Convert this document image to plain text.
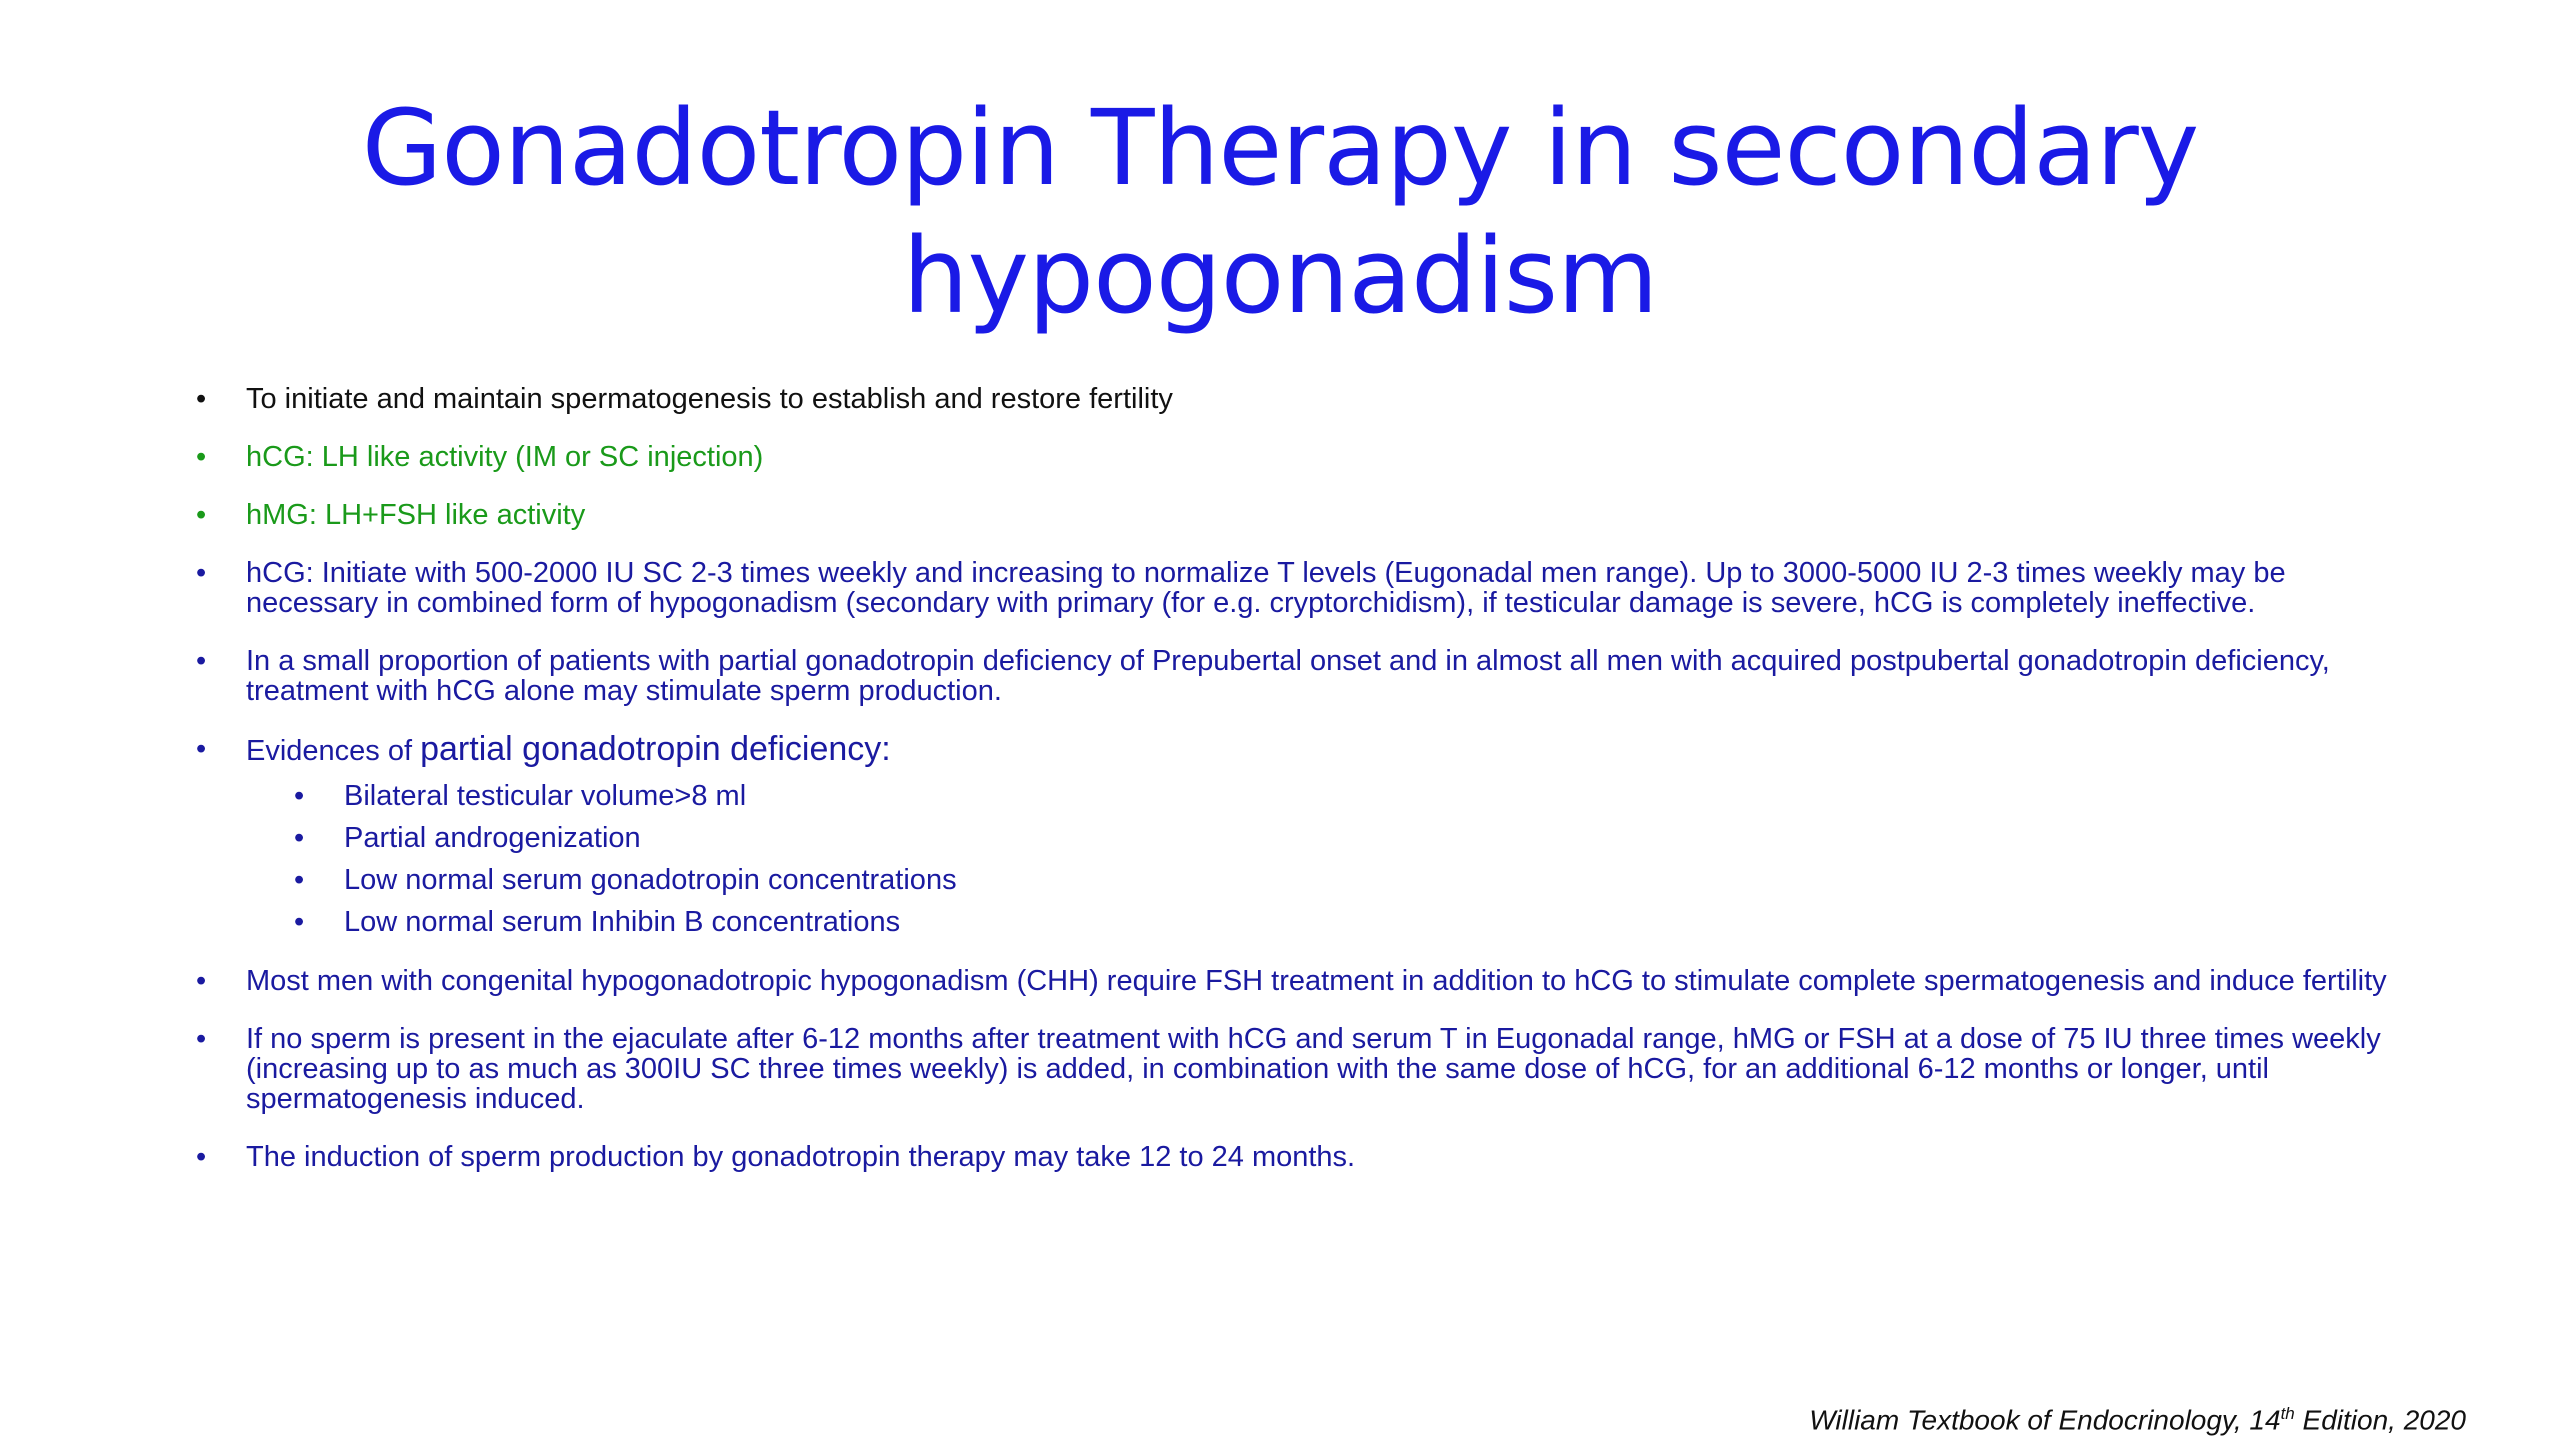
Gonadotropin Therapy in secondary hypogonadism
• To initiate and maintain spermatogenesis to establish and restore fertility
• hCG: LH like activity (IM or SC injection)
• hMG: LH+FSH like activity
• hCG: Initiate with 500-2000 IU SC 2-3 times weekly and increasing to normalize T levels (Eugonadal men range). Up to 3000-5000 IU 2-3 times weekly may be necessary in combined form of hypogonadism (secondary with primary (for e.g. cryptorchidism), if testicular damage is severe, hCG is completely ineffective.
• In a small proportion of patients with partial gonadotropin deficiency of Prepubertal onset and in almost all men with acquired postpubertal gonadotropin deficiency, treatment with hCG alone may stimulate sperm production.
• Evidences of partial gonadotropin deficiency:
• Bilateral testicular volume>8 ml
• Partial androgenization
• Low normal serum gonadotropin concentrations
• Low normal serum Inhibin B concentrations
• Most men with congenital hypogonadotropic hypogonadism (CHH) require FSH treatment in addition to hCG to stimulate complete spermatogenesis and induce fertility
• If no sperm is present in the ejaculate after 6-12 months after treatment with hCG and serum T in Eugonadal range, hMG or FSH at a dose of 75 IU three times weekly (increasing up to as much as 300IU SC three times weekly) is added, in combination with the same dose of hCG, for an additional 6-12 months or longer, until spermatogenesis induced.
• The induction of sperm production by gonadotropin therapy may take 12 to 24 months.
William Textbook of Endocrinology, 14th Edition, 2020
